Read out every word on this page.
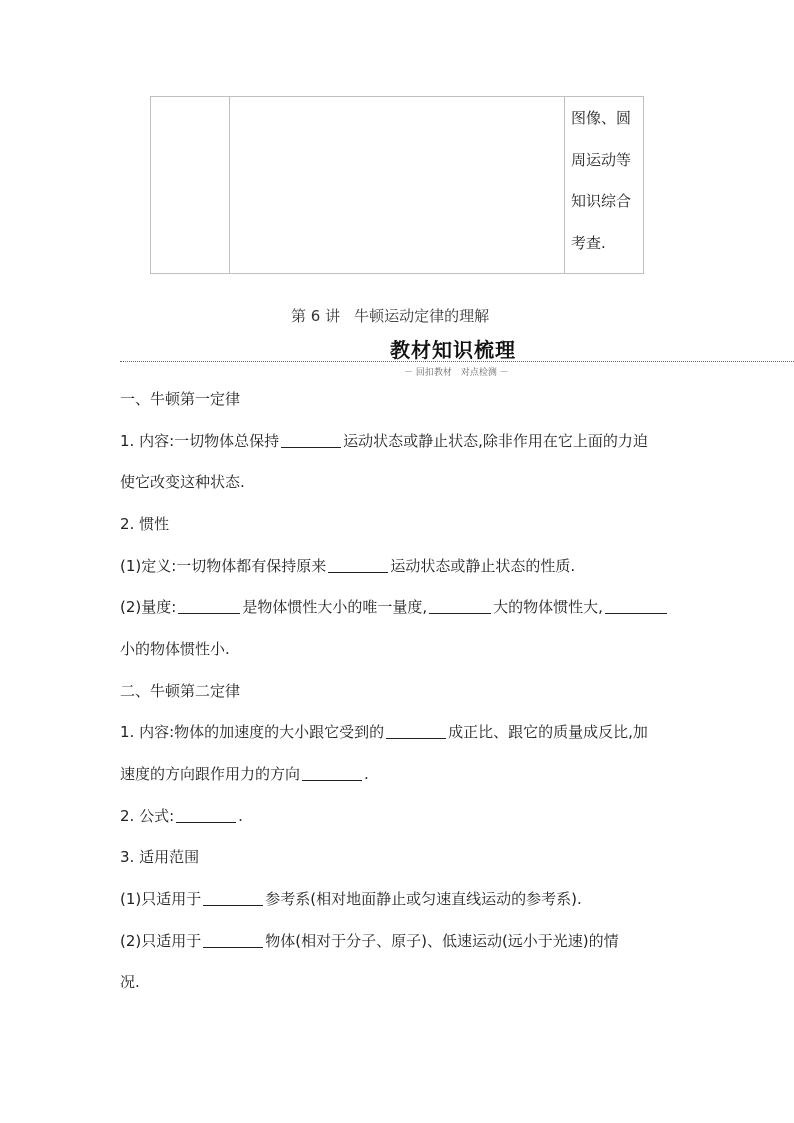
图像、圆
周运动等
知识综合
考查.
第 6 讲 牛顿运动定律的理解
教材知识梳理
－ 回扣教材　对点检测 －
一、牛顿第一定律
1. 内容:一切物体总保持	运动状态或静止状态,除非作用在它上面的力迫
使它改变这种状态.
2. 惯性
(1)定义:一切物体都有保持原来	运动状态或静止状态的性质.
(2)量度:	是物体惯性大小的唯一量度,	大的物体惯性大,
小的物体惯性小.
二、牛顿第二定律
1. 内容:物体的加速度的大小跟它受到的	成正比、跟它的质量成反比,加
速度的方向跟作用力的方向	.
2. 公式:	.
3. 适用范围
(1)只适用于	参考系(相对地面静止或匀速直线运动的参考系).
(2)只适用于	物体(相对于分子、原子)、低速运动(远小于光速)的情
况.
